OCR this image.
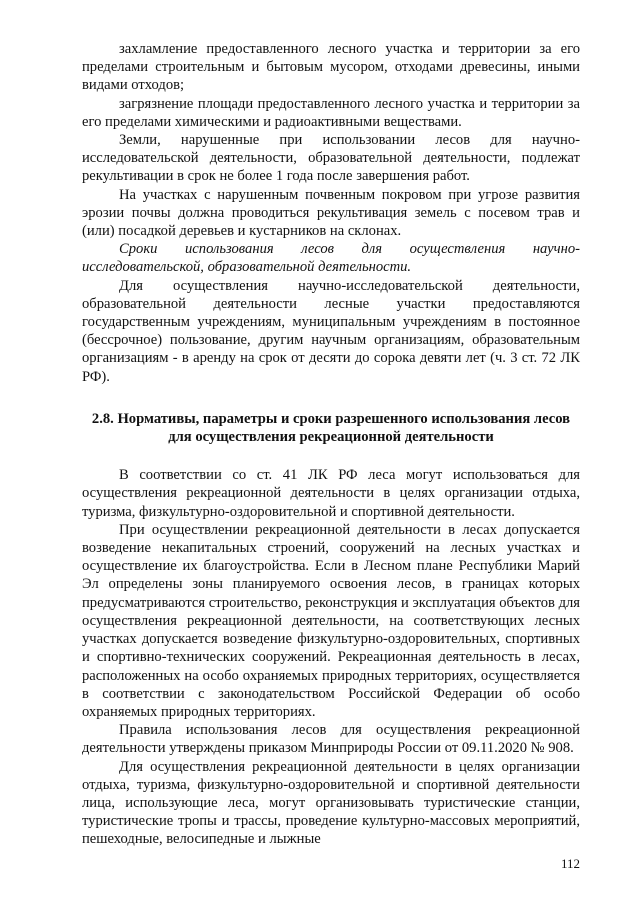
захламление предоставленного лесного участка и территории за его пределами строительным и бытовым мусором, отходами древесины, иными видами отходов;

загрязнение площади предоставленного лесного участка и территории за его пределами химическими и радиоактивными веществами.

Земли, нарушенные при использовании лесов для научно-исследовательской деятельности, образовательной деятельности, подлежат рекультивации в срок не более 1 года после завершения работ.

На участках с нарушенным почвенным покровом при угрозе развития эрозии почвы должна проводиться рекультивация земель с посевом трав и (или) посадкой деревьев и кустарников на склонах.

Сроки использования лесов для осуществления научно-исследовательской, образовательной деятельности.

Для осуществления научно-исследовательской деятельности, образовательной деятельности лесные участки предоставляются государственным учреждениям, муниципальным учреждениям в постоянное (бессрочное) пользование, другим научным организациям, образовательным организациям - в аренду на срок от десяти до сорока девяти лет (ч. 3 ст. 72 ЛК РФ).

2.8. Нормативы, параметры и сроки разрешенного использования лесов для осуществления рекреационной деятельности

В соответствии со ст. 41 ЛК РФ леса могут использоваться для осуществления рекреационной деятельности в целях организации отдыха, туризма, физкультурно-оздоровительной и спортивной деятельности.

При осуществлении рекреационной деятельности в лесах допускается возведение некапитальных строений, сооружений на лесных участках и осуществление их благоустройства. Если в Лесном плане Республики Марий Эл определены зоны планируемого освоения лесов, в границах которых предусматриваются строительство, реконструкция и эксплуатация объектов для осуществления рекреационной деятельности, на соответствующих лесных участках допускается возведение физкультурно-оздоровительных, спортивных и спортивно-технических сооружений. Рекреационная деятельность в лесах, расположенных на особо охраняемых природных территориях, осуществляется в соответствии с законодательством Российской Федерации об особо охраняемых природных территориях.

Правила использования лесов для осуществления рекреационной деятельности утверждены приказом Минприроды России от 09.11.2020 № 908.

Для осуществления рекреационной деятельности в целях организации отдыха, туризма, физкультурно-оздоровительной и спортивной деятельности лица, использующие леса, могут организовывать туристические станции, туристические тропы и трассы, проведение культурно-массовых мероприятий, пешеходные, велосипедные и лыжные

112
